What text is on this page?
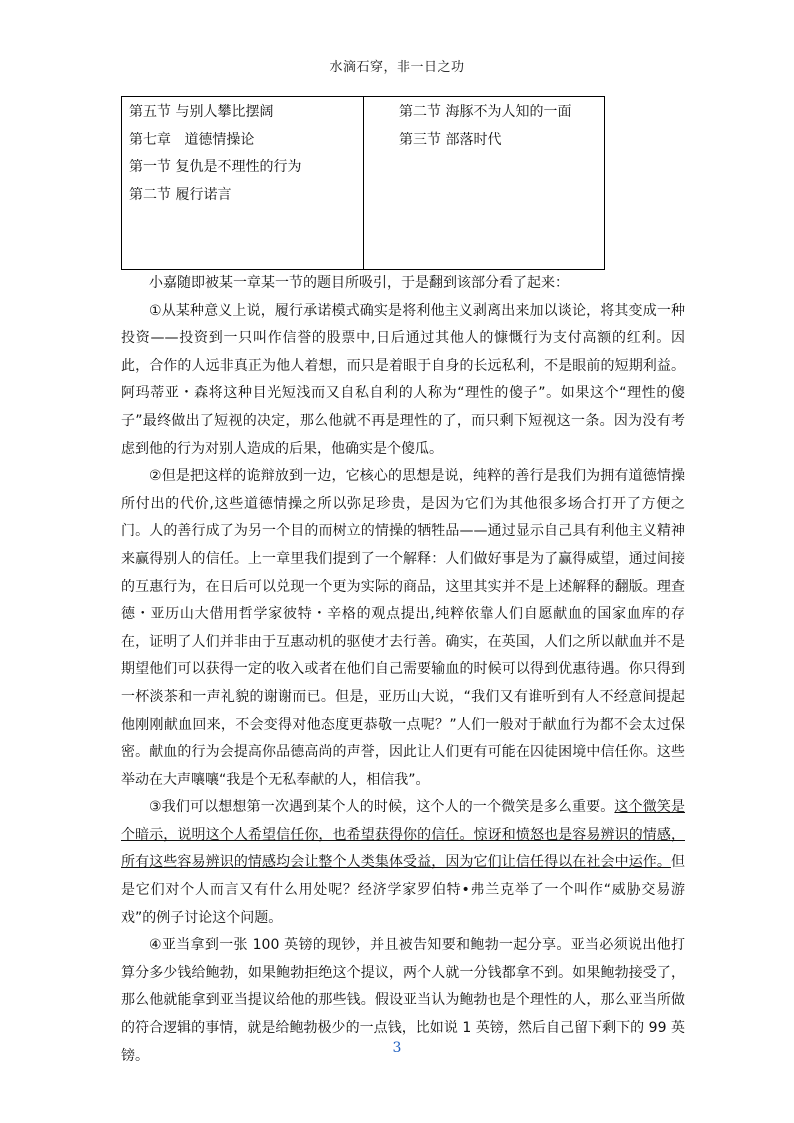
水滴石穿，非一日之功
第五节 与别人攀比摆阔
第七章   道德情操论
第一节 复仇是不理性的行为
第二节 履行诺言
第二节 海豚不为人知的一面
第三节 部落时代

小嘉随即被某一章某一节的题目所吸引，于是翻到该部分看了起来：

①从某种意义上说，履行承诺模式确实是将利他主义剥离出来加以谈论，将其变成一种投资——投资到一只叫作信誉的股票中,日后通过其他人的慷慨行为支付高额的红利。因此，合作的人远非真正为他人着想，而只是着眼于自身的长远私利，不是眼前的短期利益。阿玛蒂亚・森将这种目光短浅而又自私自利的人称为“理性的傻子”。如果这个“理性的傻子”最终做出了短视的决定，那么他就不再是理性的了，而只剩下短视这一条。因为没有考虑到他的行为对别人造成的后果，他确实是个傻瓜。

②但是把这样的诡辩放到一边，它核心的思想是说，纯粹的善行是我们为拥有道德情操所付出的代价,这些道德情操之所以弥足珍贵，是因为它们为其他很多场合打开了方便之门。人的善行成了为另一个目的而树立的情操的牺牲品——通过显示自己具有利他主义精神来赢得别人的信任。上一章里我们提到了一个解释：人们做好事是为了赢得威望，通过间接的互惠行为，在日后可以兑现一个更为实际的商品，这里其实并不是上述解释的翻版。理查德・亚历山大借用哲学家彼特・辛格的观点提出,纯粹依靠人们自愿献血的国家血库的存在，证明了人们并非由于互惠动机的驱使才去行善。确实，在英国，人们之所以献血并不是期望他们可以获得一定的收入或者在他们自己需要输血的时候可以得到优惠待遇。你只得到一杯淡茶和一声礼貌的谢谢而已。但是，亚历山大说，“我们又有谁听到有人不经意间提起他刚刚献血回来，不会变得对他态度更恭敬一点呢？”人们一般对于献血行为都不会太过保密。献血的行为会提高你品德高尚的声誉，因此让人们更有可能在囚徒困境中信任你。这些举动在大声嚷嚷“我是个无私奉献的人，相信我”。

③我们可以想想第一次遇到某个人的时候，这个人的一个微笑是多么重要。这个微笑是个暗示，说明这个人希望信任你，也希望获得你的信任。惊讶和愤怒也是容易辨识的情感，所有这些容易辨识的情感均会让整个人类集体受益，因为它们让信任得以在社会中运作。但是它们对个人而言又有什么用处呢？经济学家罗伯特•弗兰克举了一个叫作“威胁交易游戏”的例子讨论这个问题。

④亚当拿到一张 100 英镑的现钞，并且被告知要和鲍勃一起分享。亚当必须说出他打算分多少钱给鲍勃，如果鲍勃拒绝这个提议，两个人就一分钱都拿不到。如果鲍勃接受了，那么他就能拿到亚当提议给他的那些钱。假设亚当认为鲍勃也是个理性的人，那么亚当所做的符合逻辑的事情，就是给鲍勃极少的一点钱，比如说 1 英镑，然后自己留下剩下的 99 英镑。	3
